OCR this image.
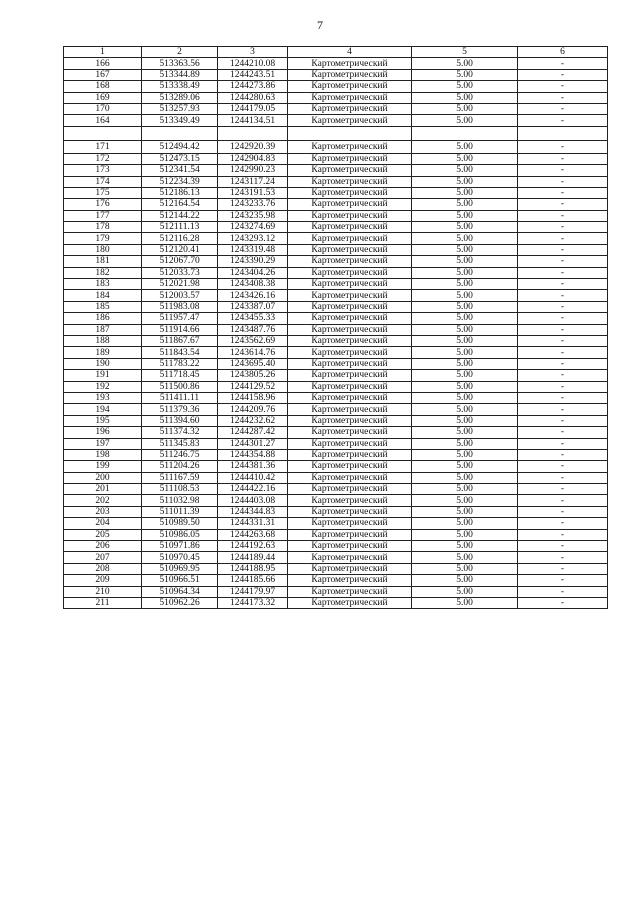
7
1	2	3	4	5	6
166	513363.56	1244210.08	Картометрический	5.00	-
167	513344.89	1244243.51	Картометрический	5.00	-
168	513338.49	1244273.86	Картометрический	5.00	-
169	513289.06	1244280.63	Картометрический	5.00	-
170	513257.93	1244179.05	Картометрический	5.00	-
164	513349.49	1244134.51	Картометрический	5.00	-

171	512494.42	1242920.39	Картометрический	5.00	-
172	512473.15	1242904.83	Картометрический	5.00	-
173	512341.54	1242990.23	Картометрический	5.00	-
174	512234.39	1243117.24	Картометрический	5.00	-
175	512186.13	1243191.53	Картометрический	5.00	-
176	512164.54	1243233.76	Картометрический	5.00	-
177	512144.22	1243235.98	Картометрический	5.00	-
178	512111.13	1243274.69	Картометрический	5.00	-
179	512116.28	1243293.12	Картометрический	5.00	-
180	512120.41	1243319.48	Картометрический	5.00	-
181	512067.70	1243390.29	Картометрический	5.00	-
182	512033.73	1243404.26	Картометрический	5.00	-
183	512021.98	1243408.38	Картометрический	5.00	-
184	512003.57	1243426.16	Картометрический	5.00	-
185	511983.08	1243387.07	Картометрический	5.00	-
186	511957.47	1243455.33	Картометрический	5.00	-
187	511914.66	1243487.76	Картометрический	5.00	-
188	511867.67	1243562.69	Картометрический	5.00	-
189	511843.54	1243614.76	Картометрический	5.00	-
190	511783.22	1243695.40	Картометрический	5.00	-
191	511718.45	1243805.26	Картометрический	5.00	-
192	511500.86	1244129.52	Картометрический	5.00	-
193	511411.11	1244158.96	Картометрический	5.00	-
194	511379.36	1244209.76	Картометрический	5.00	-
195	511394.60	1244232.62	Картометрический	5.00	-
196	511374.32	1244287.42	Картометрический	5.00	-
197	511345.83	1244301.27	Картометрический	5.00	-
198	511246.75	1244354.88	Картометрический	5.00	-
199	511204.26	1244381.36	Картометрический	5.00	-
200	511167.59	1244410.42	Картометрический	5.00	-
201	511108.53	1244422.16	Картометрический	5.00	-
202	511032.98	1244403.08	Картометрический	5.00	-
203	511011.39	1244344.83	Картометрический	5.00	-
204	510989.50	1244331.31	Картометрический	5.00	-
205	510986.05	1244263.68	Картометрический	5.00	-
206	510971.86	1244192.63	Картометрический	5.00	-
207	510970.45	1244189.44	Картометрический	5.00	-
208	510969.95	1244188.95	Картометрический	5.00	-
209	510966.51	1244185.66	Картометрический	5.00	-
210	510964.34	1244179.97	Картометрический	5.00	-
211	510962.26	1244173.32	Картометрический	5.00	-
